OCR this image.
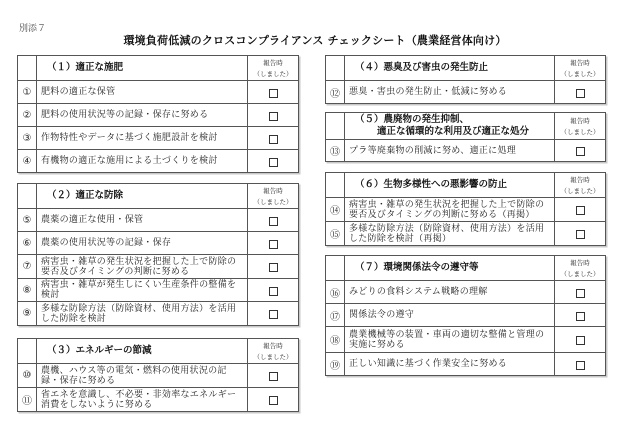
別添７
環境負荷低減のクロスコンプライアンス チェックシート（農業経営体向け）
	（１）適正な施肥	報告時
（しました）
①	肥料の適正な保管	
②	肥料の使用状況等の記録・保存に努める	
③	作物特性やデータに基づく施肥設計を検討	
④	有機物の適正な施用による土づくりを検討	
	（２）適正な防除	報告時
（しました）
⑤	農薬の適正な使用・保管	
⑥	農薬の使用状況等の記録・保存	
⑦	病害虫・雑草の発生状況を把握した上で防除の要否及びタイミングの判断に努める	
⑧	病害虫・雑草が発生しにくい生産条件の整備を検討	
⑨	多様な防除方法（防除資材、使用方法）を活用した防除を検討	
	（３）エネルギーの節減	報告時
（しました）
⑩	農機、ハウス等の電気・燃料の使用状況の記録・保存に努める	
⑪	省エネを意識し、不必要・非効率なエネルギー消費をしないように努める	
	（４）悪臭及び害虫の発生防止	報告時
（しました）
⑫	悪臭・害虫の発生防止・低減に努める	
	（５）農廃物の発生抑制、
適正な循環的な利用及び適正な処分	報告時
（しました）
⑬	プラ等廃棄物の削減に努め、適正に処理	
	（６）生物多様性への悪影響の防止	報告時
（しました）
⑭	病害虫・雑草の発生状況を把握した上で防除の要否及びタイミングの判断に努める（再掲）	
⑮	多様な防除方法（防除資材、使用方法）を活用した防除を検討（再掲）	
	（７）環境関係法令の遵守等	報告時
（しました）
⑯	みどりの食料システム戦略の理解	
⑰	関係法令の遵守	
⑱	農業機械等の装置・車両の適切な整備と管理の実施に努める	
⑲	正しい知識に基づく作業安全に努める	
